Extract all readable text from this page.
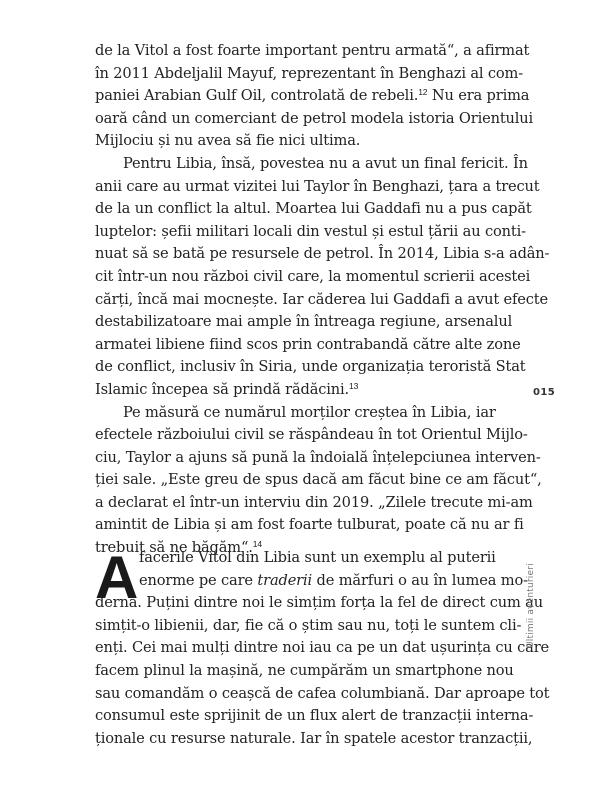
de la Vitol a fost foarte important pentru armată“, a afirmat
în 2011 Abdeljalil Mayuf, reprezentant în Benghazi al com-
paniei Arabian Gulf Oil, controlată de rebeli.$^{12}$ Nu era prima
oară când un comerciant de petrol modela istoria Orientului
Mijlociu și nu avea să fie nici ultima.
Pentru Libia, însă, povestea nu a avut un final fericit. În
anii care au urmat vizitei lui Taylor în Benghazi, țara a trecut
de la un conflict la altul. Moartea lui Gaddafi nu a pus capăt
luptelor: șefii militari locali din vestul și estul țării au conti-
nuat să se bată pe resursele de petrol. În 2014, Libia s-a adân-
cit într-un nou război civil care, la momentul scrierii acestei
cărți, încă mai mocnește. Iar căderea lui Gaddafi a avut efecte
destabilizatoare mai ample în întreaga regiune, arsenalul
armatei libiene fiind scos prin contrabandă către alte zone
de conflict, inclusiv în Siria, unde organizația teroristă Stat
Islamic începea să prindă rădăcini.$^{13}$
Pe măsură ce numărul morților creștea în Libia, iar
efectele războiului civil se răspândeau în tot Orientul Mijlo-
ciu, Taylor a ajuns să pună la îndoială înțelepciunea interven-
ției sale. „Este greu de spus dacă am făcut bine ce am făcut“,
a declarat el într-un interviu din 2019. „Zilele trecute mi-am
amintit de Libia și am fost foarte tulburat, poate că nu ar fi
trebuit să ne băgăm“.$^{14}$
A facerile Vitol din Libia sunt un exemplu al puterii
enorme pe care traderii de mărfuri o au în lumea mo-
dernă. Puțini dintre noi le simțim forța la fel de direct cum au
simțit-o libienii, dar, fie că o știm sau nu, toți le suntem cli-
enți. Cei mai mulți dintre noi iau ca pe un dat ușurința cu care
facem plinul la mașină, ne cumpărăm un smartphone nou
sau comandăm o ceașcă de cafea columbiană. Dar aproape tot
consumul este sprijinit de un flux alert de tranzacții interna-
ționale cu resurse naturale. Iar în spatele acestor tranzacții,
015
Ultimii aventurieri
